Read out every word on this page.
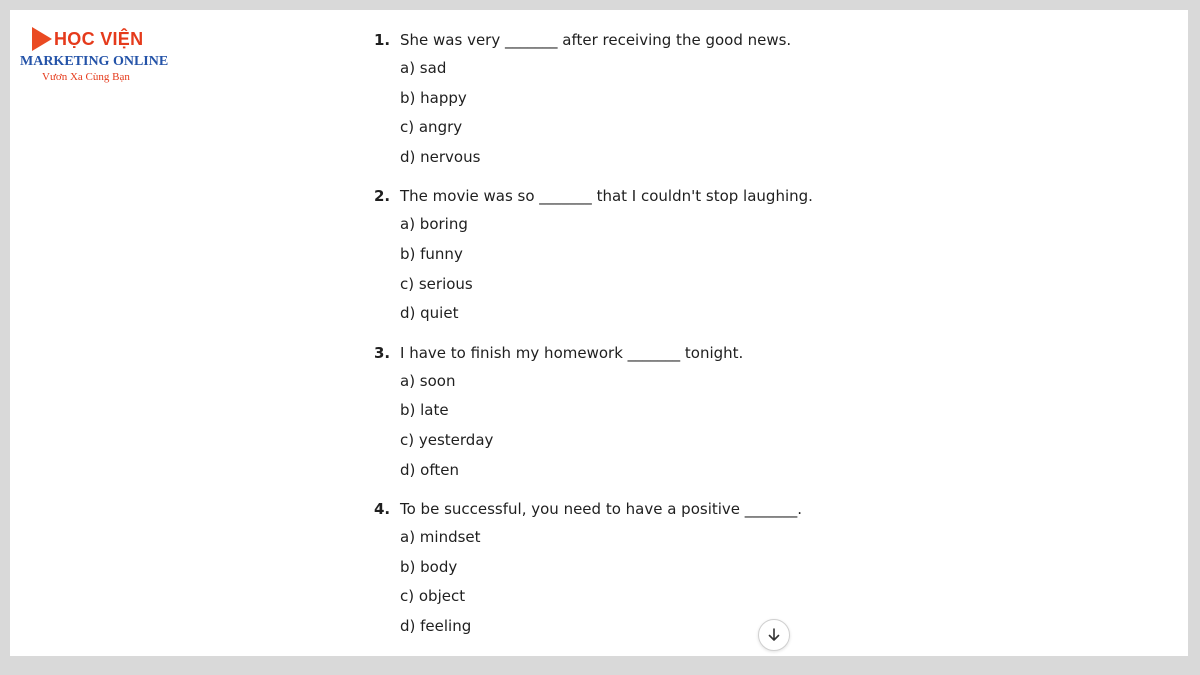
HỌC VIỆN
MARKETING ONLINE
Vươn Xa Cùng Bạn
1. She was very _______ after receiving the good news.
a) sad
b) happy
c) angry
d) nervous
2. The movie was so _______ that I couldn't stop laughing.
a) boring
b) funny
c) serious
d) quiet
3. I have to finish my homework _______ tonight.
a) soon
b) late
c) yesterday
d) often
4. To be successful, you need to have a positive _______.
a) mindset
b) body
c) object
d) feeling
